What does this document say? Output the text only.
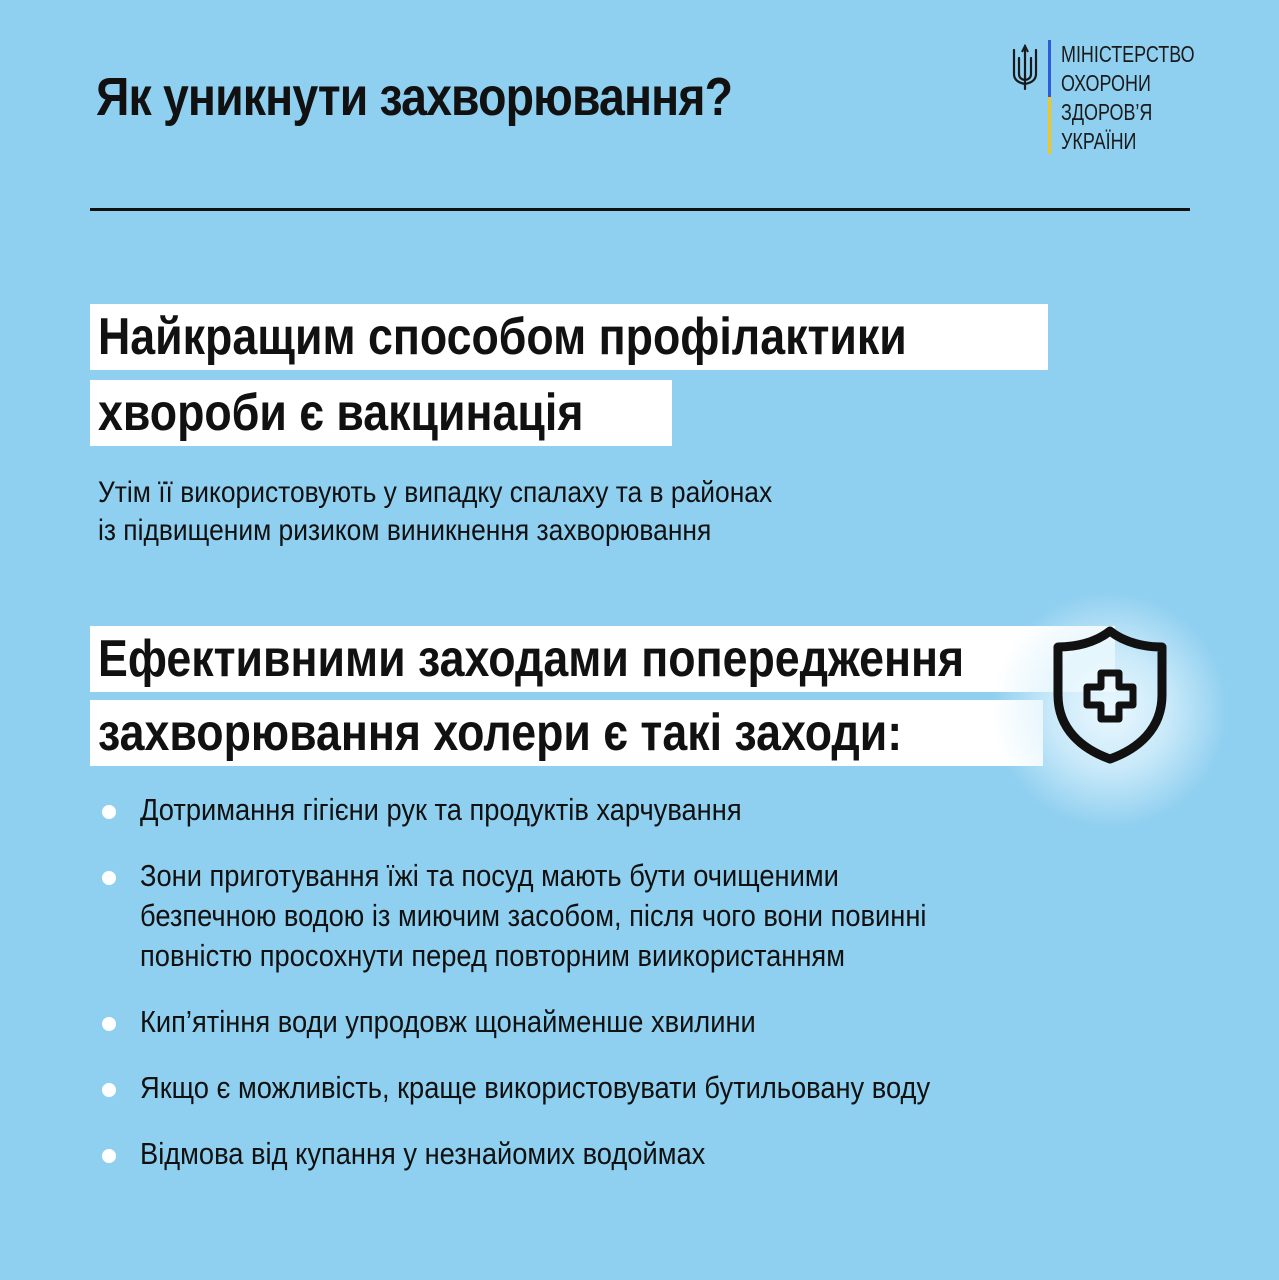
Як уникнути захворювання?
МІНІСТЕРСТВО
ОХОРОНИ
ЗДОРОВ’Я
УКРАЇНИ
Найкращим способом профілактики
хвороби є вакцинація
Утім її використовують у випадку спалаху та в районах
із підвищеним ризиком виникнення захворювання
Ефективними заходами попередження
захворювання холери є такі заходи:
Дотримання гігієни рук та продуктів харчування
Зони приготування їжі та посуд мають бути очищеними
безпечною водою із миючим засобом, після чого вони повинні
повністю просохнути перед повторним виикористанням
Кип’ятіння води упродовж щонайменше хвилини
Якщо є можливість, краще використовувати бутильовану воду
Відмова від купання у незнайомих водоймах
